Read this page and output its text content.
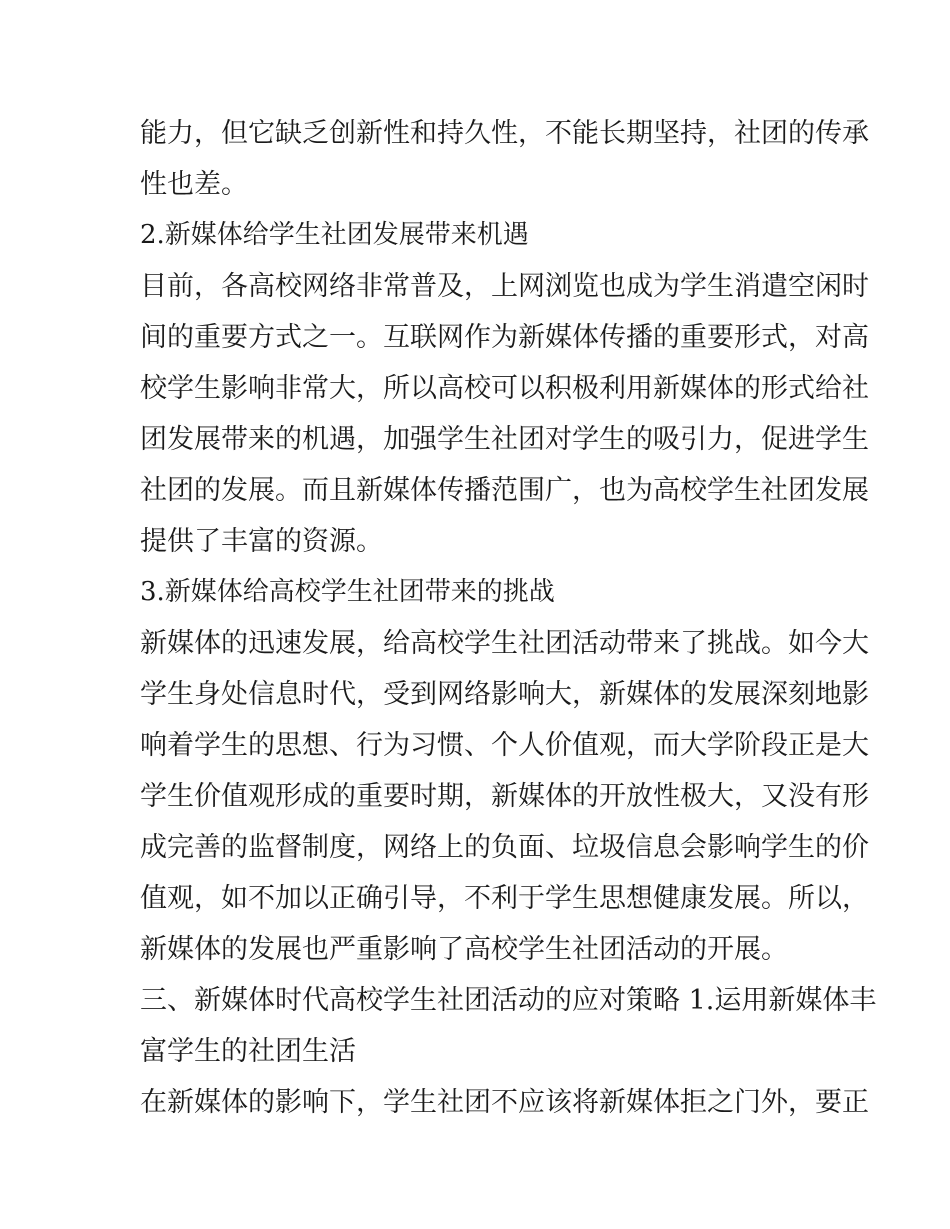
能力，但它缺乏创新性和持久性，不能长期坚持，社团的传承
性也差。
2.新媒体给学生社团发展带来机遇
目前，各高校网络非常普及，上网浏览也成为学生消遣空闲时
间的重要方式之一。互联网作为新媒体传播的重要形式，对高
校学生影响非常大，所以高校可以积极利用新媒体的形式给社
团发展带来的机遇，加强学生社团对学生的吸引力，促进学生
社团的发展。而且新媒体传播范围广，也为高校学生社团发展
提供了丰富的资源。
3.新媒体给高校学生社团带来的挑战
新媒体的迅速发展，给高校学生社团活动带来了挑战。如今大
学生身处信息时代，受到网络影响大，新媒体的发展深刻地影
响着学生的思想、行为习惯、个人价值观，而大学阶段正是大
学生价值观形成的重要时期，新媒体的开放性极大，又没有形
成完善的监督制度，网络上的负面、垃圾信息会影响学生的价
值观，如不加以正确引导，不利于学生思想健康发展。所以，
新媒体的发展也严重影响了高校学生社团活动的开展。
三、新媒体时代高校学生社团活动的应对策略 1.运用新媒体丰
富学生的社团生活
在新媒体的影响下，学生社团不应该将新媒体拒之门外，要正
